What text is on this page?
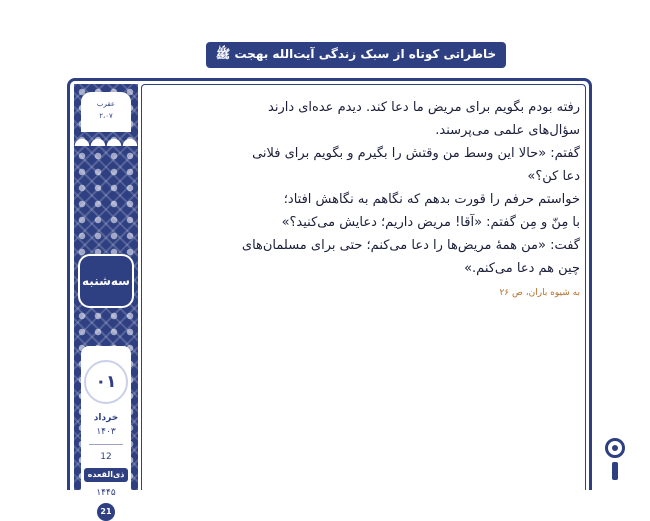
خاطراتی کوتاه از سبک زندگی آیت‌الله بهجت ﷺ
عقرب
۲،۰۷
سه‌شنبه
خرداد
۱۴۰۳
12
ذی‌القعده
۱۴۴۵
21
۰۱

رفته بودم بگویم برای مریض ما دعا کند. دیدم عده‌ای دارند

سؤال‌های علمی می‌پرسند.

گفتم: «حالا این وسط من وقتش را بگیرم و بگویم برای فلانی

دعا کن؟»

خواستم حرفم را قورت بدهم که نگاهم به نگاهش افتاد؛

با مِنّ و مِن گفتم: «آقا! مریض داریم؛ دعایش می‌کنید؟»

گفت: «من همهٔ مریض‌ها را دعا می‌کنم؛ حتی برای مسلمان‌های

چین هم دعا می‌کنم.»

به شیوه باران، ص ۲۶
